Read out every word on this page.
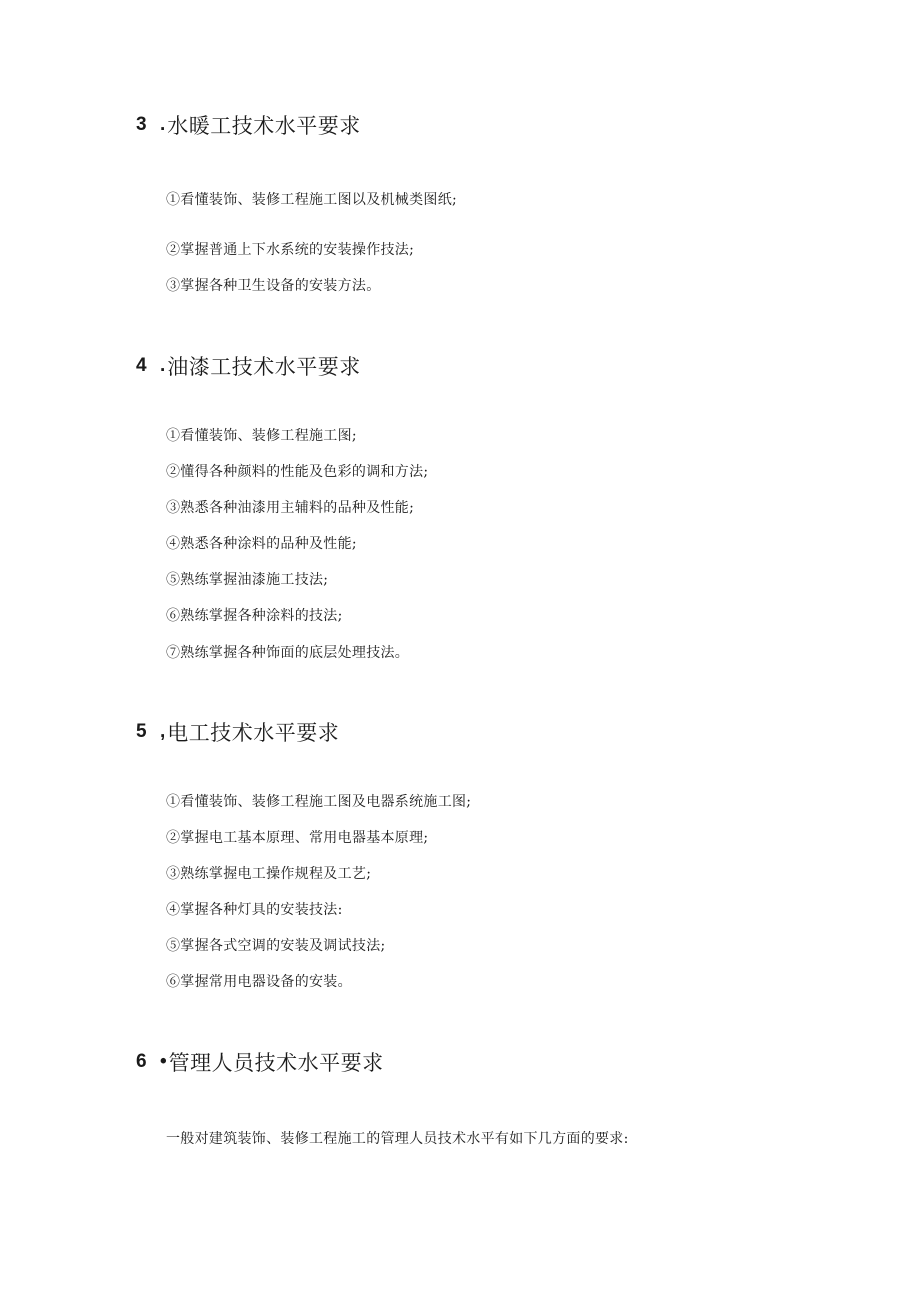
3 . 水暖工技术水平要求
①看懂装饰、装修工程施工图以及机械类图纸;
②掌握普通上下水系统的安装操作技法;
③掌握各种卫生设备的安装方法。
4 . 油漆工技术水平要求
①看懂装饰、装修工程施工图;
②懂得各种颜料的性能及色彩的调和方法;
③熟悉各种油漆用主辅料的品种及性能;
④熟悉各种涂料的品种及性能;
⑤熟练掌握油漆施工技法;
⑥熟练掌握各种涂料的技法;
⑦熟练掌握各种饰面的底层处理技法。
5 , 电工技术水平要求
①看懂装饰、装修工程施工图及电器系统施工图;
②掌握电工基本原理、常用电器基本原理;
③熟练掌握电工操作规程及工艺;
④掌握各种灯具的安装技法:
⑤掌握各式空调的安装及调试技法;
⑥掌握常用电器设备的安装。
6 • 管理人员技术水平要求
一般对建筑装饰、装修工程施工的管理人员技术水平有如下几方面的要求:
